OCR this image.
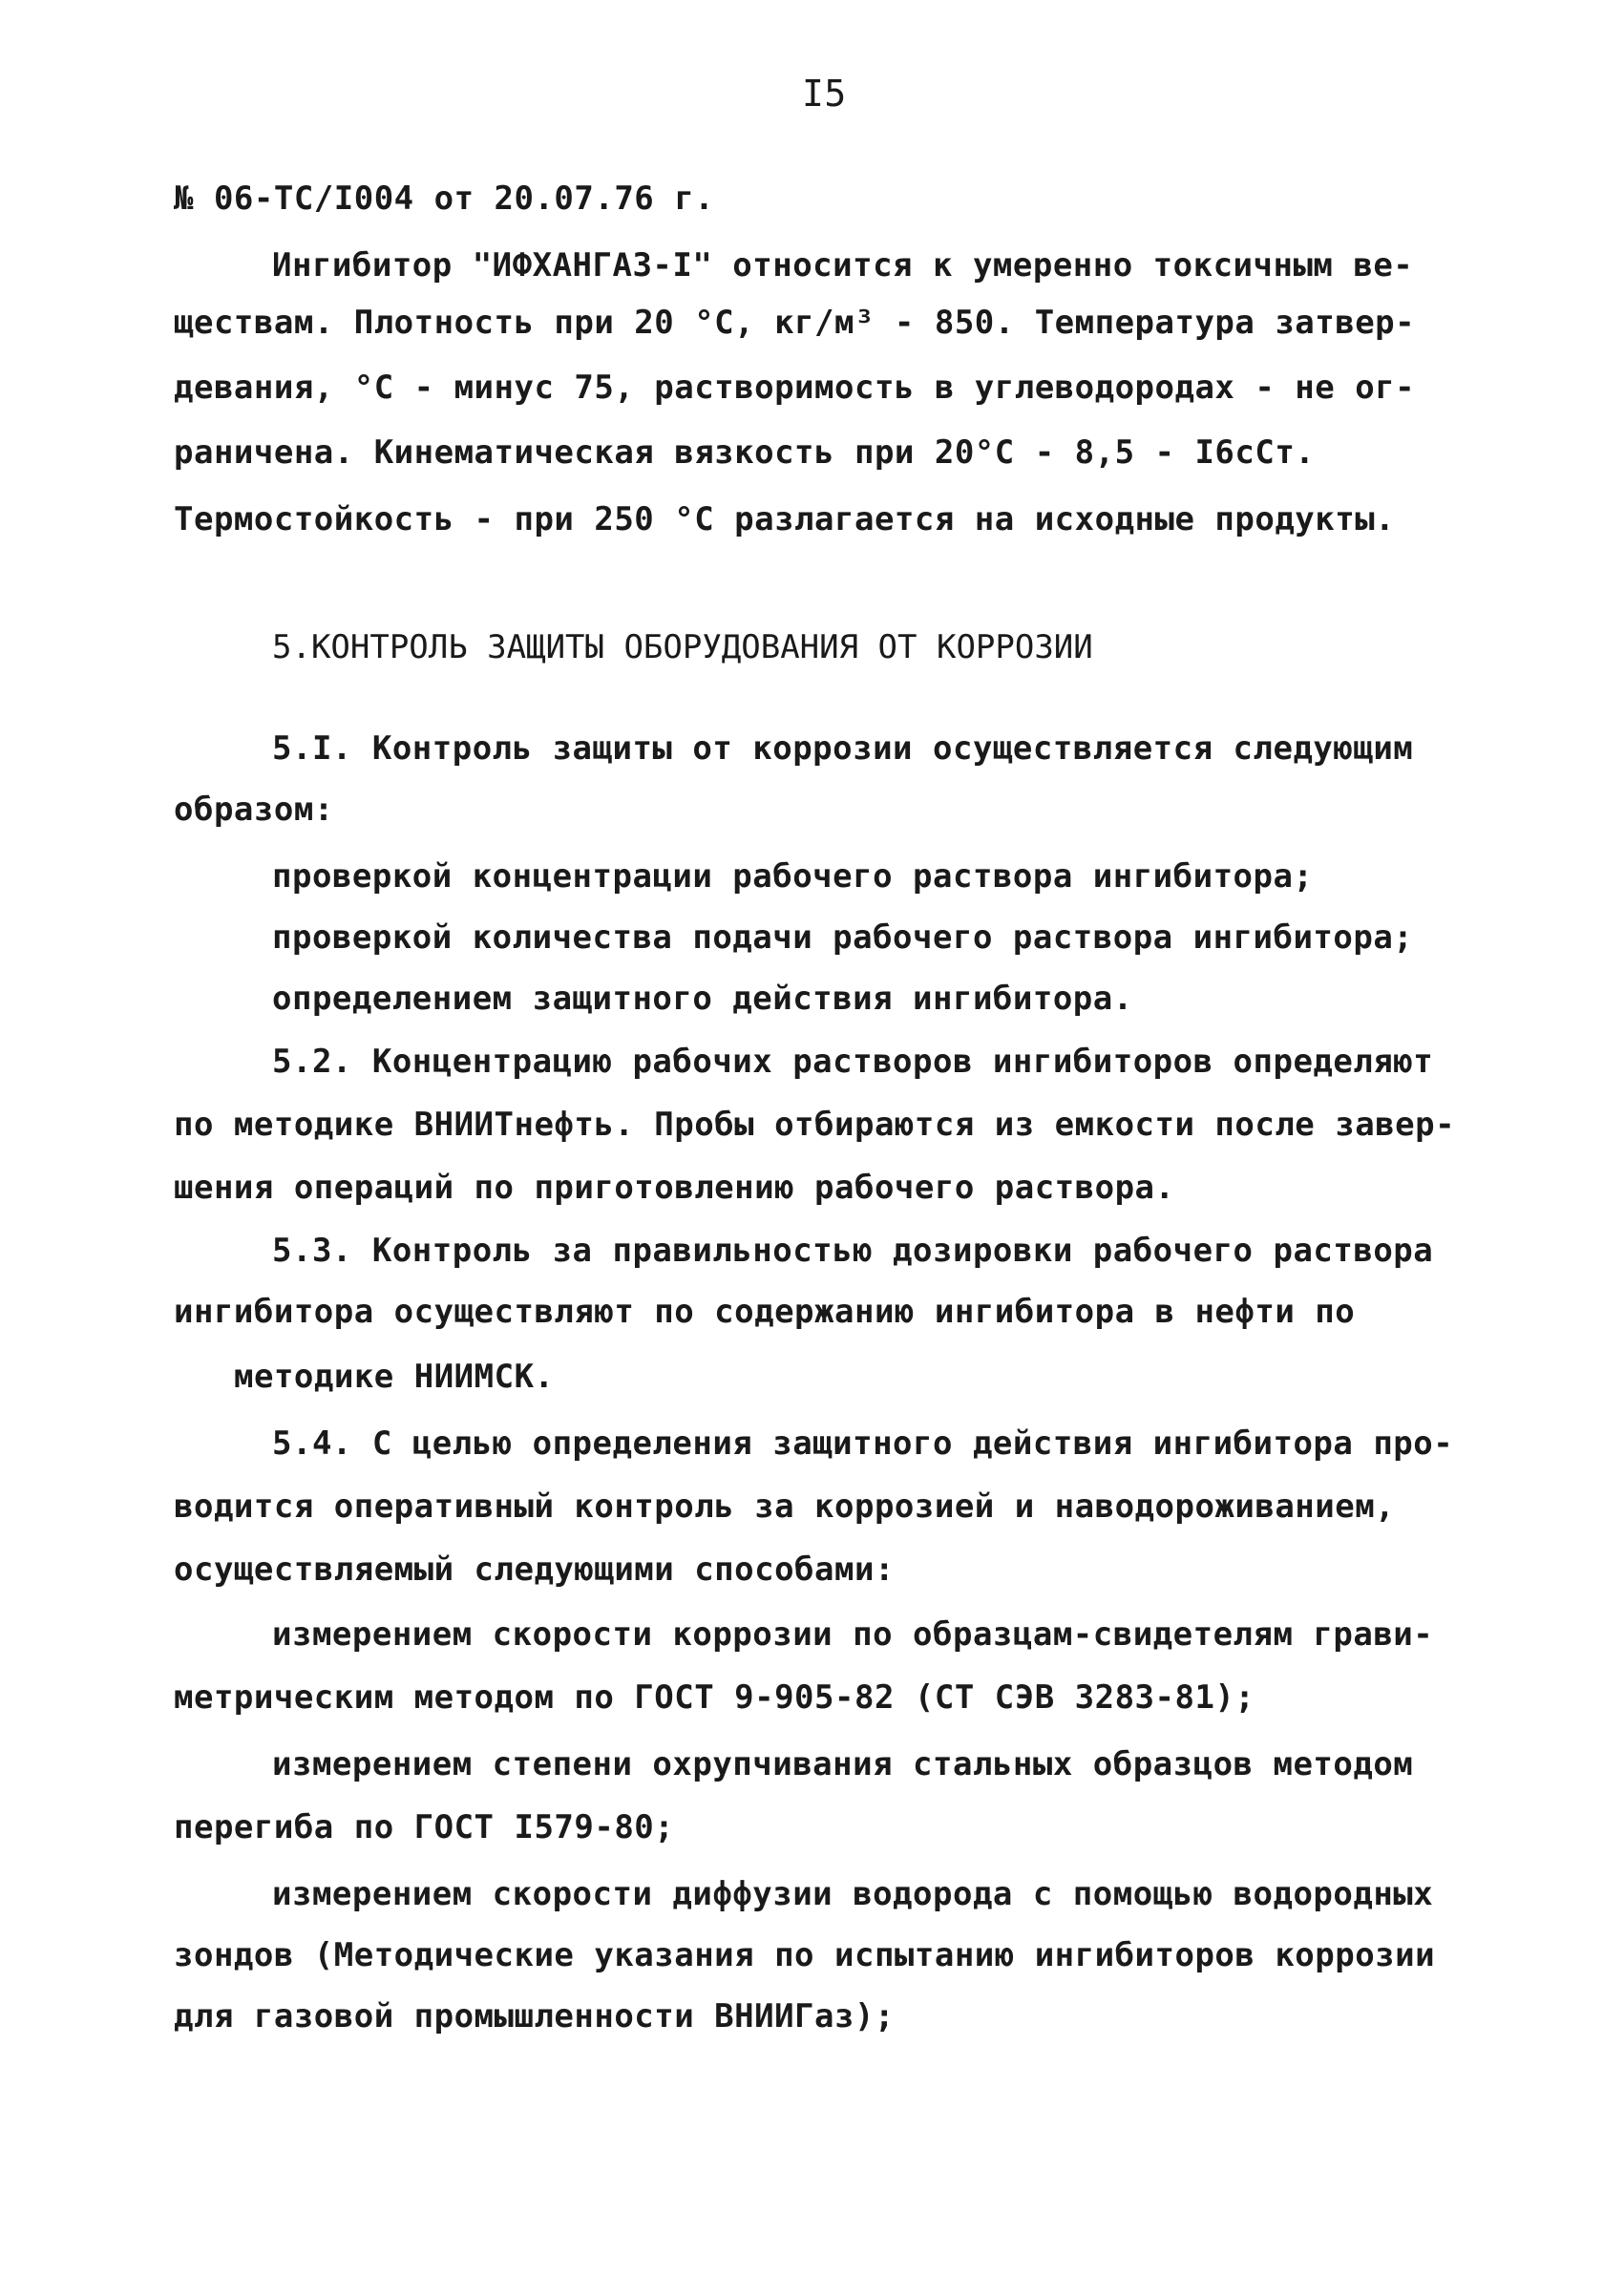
I5
№ 06-ТС/I004 от 20.07.76 г.
Ингибитор "ИФХАНГАЗ-I" относится к умеренно токсичным ве-
ществам. Плотность при 20 °С, кг/м³ - 850. Температура затвер-
девания, °С - минус 75, растворимость в углеводородах - не ог-
раничена. Кинематическая вязкость при 20°С - 8,5 - I6сСт.
Термостойкость - при 250 °С разлагается на исходные продукты.
5.КОНТРОЛЬ ЗАЩИТЫ ОБОРУДОВАНИЯ ОТ КОРРОЗИИ
5.I. Контроль защиты от коррозии осуществляется следующим
образом:
проверкой концентрации рабочего раствора ингибитора;
проверкой количества подачи рабочего раствора ингибитора;
определением защитного действия ингибитора.
5.2. Концентрацию рабочих растворов ингибиторов определяют
по методике ВНИИТнефть. Пробы отбираются из емкости после завер-
шения операций по приготовлению рабочего раствора.
5.3. Контроль за правильностью дозировки рабочего раствора
ингибитора осуществляют по содержанию ингибитора в нефти по
методике НИИМСК.
5.4. С целью определения защитного действия ингибитора про-
водится оперативный контроль за коррозией и наводороживанием,
осуществляемый следующими способами:
измерением скорости коррозии по образцам-свидетелям грави-
метрическим методом по ГОСТ 9-905-82 (СТ СЭВ 3283-81);
измерением степени охрупчивания стальных образцов методом
перегиба по ГОСТ I579-80;
измерением скорости диффузии водорода с помощью водородных
зондов (Методические указания по испытанию ингибиторов коррозии
для газовой промышленности ВНИИГаз);
